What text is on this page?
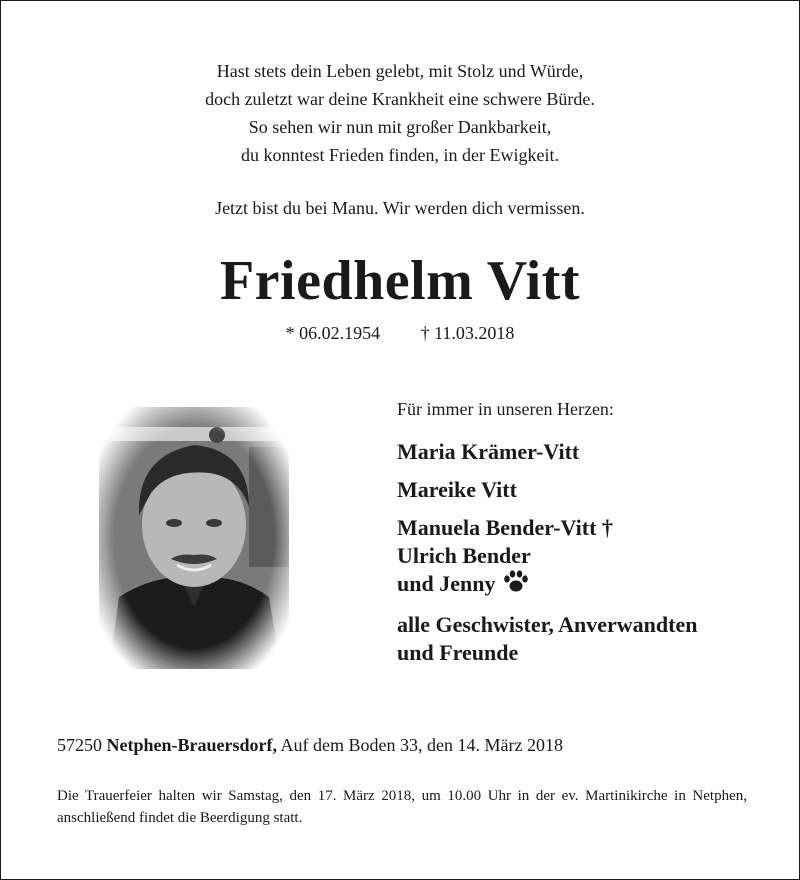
Hast stets dein Leben gelebt, mit Stolz und Würde,
doch zuletzt war deine Krankheit eine schwere Bürde.
So sehen wir nun mit großer Dankbarkeit,
du konntest Frieden finden, in der Ewigkeit.
Jetzt bist du bei Manu. Wir werden dich vermissen.
Friedhelm Vitt
* 06.02.1954 † 11.03.2018
Für immer in unseren Herzen:
Maria Krämer-Vitt
Mareike Vitt
Manuela Bender-Vitt †
Ulrich Bender
und Jenny
alle Geschwister, Anverwandten
und Freunde
57250 Netphen-Brauersdorf, Auf dem Boden 33, den 14. März 2018
Die Trauerfeier halten wir Samstag, den 17. März 2018, um 10.00 Uhr in der ev. Martinikirche in Netphen, anschließend findet die Beerdigung statt.
